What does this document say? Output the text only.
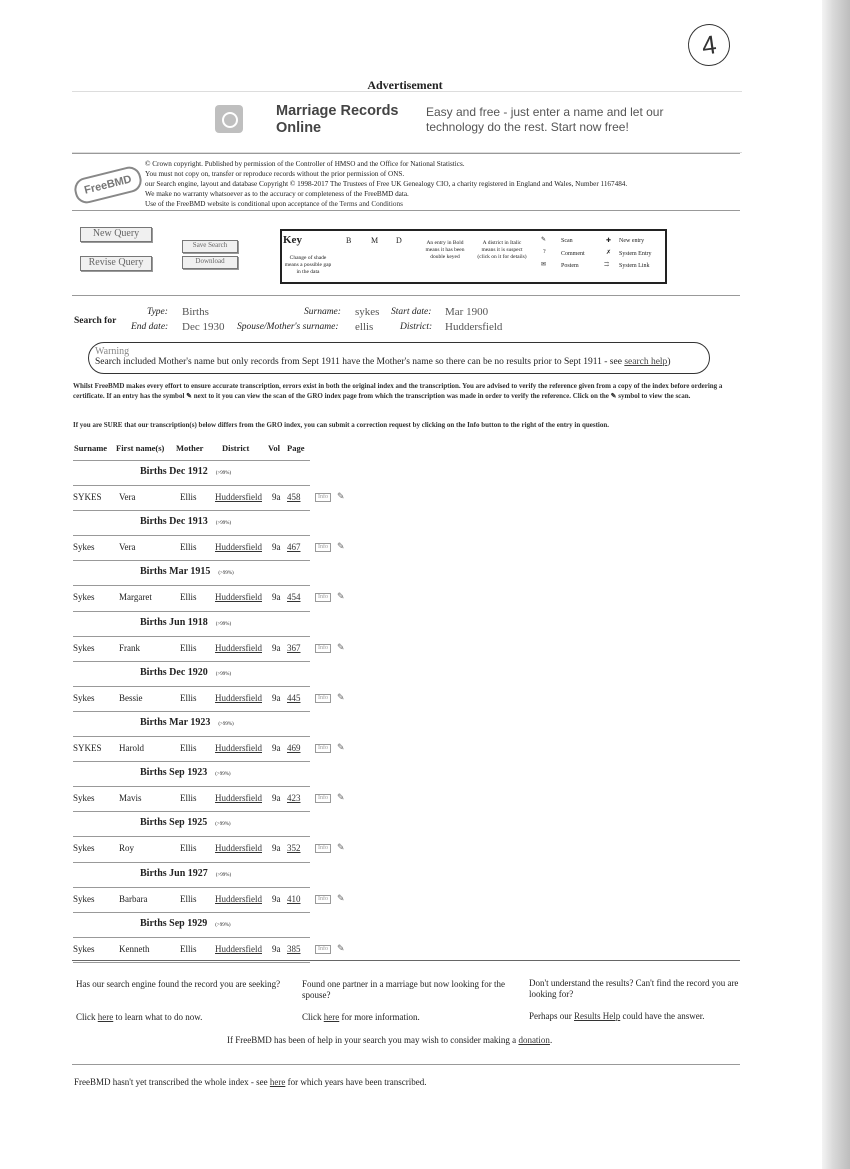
4
Advertisement
Marriage Records Online
Easy and free - just enter a name and let our technology do the rest. Start now free!
FreeBMD
© Crown copyright. Published by permission of the Controller of HMSO and the Office for National Statistics.
You must not copy on, transfer or reproduce records without the prior permission of ONS.
our Search engine, layout and database Copyright © 1998-2017 The Trustees of Free UK Genealogy CIO, a charity registered in England and Wales, Number 1167484.
We make no warranty whatsoever as to the accuracy or completeness of the FreeBMD data.
Use of the FreeBMD website is conditional upon acceptance of the Terms and Conditions
New Query
Revise Query
Save Search
Download
Key	B M D
Change of shade means a possible gap in the data
An entry in Bold means it has been double keyed
A district in Italic means it is suspect (click on it for details)
✎ Scan
?	Comment
✉ Postem
✚ New entry
✗ System Entry
⇉ System Link
Search for
Type: Births
End date: Dec 1930
Surname: sykes
Spouse/Mother's surname: ellis
Start date: Mar 1900
District: Huddersfield
Warning
Search included Mother's name but only records from Sept 1911 have the Mother's name so there can be no results prior to Sept 1911 - see search help)
Whilst FreeBMD makes every effort to ensure accurate transcription, errors exist in both the original index and the transcription. You are advised to verify the reference given from a copy of the index before ordering a certificate. If an entry has the symbol ✎ next to it you can view the scan of the GRO index page from which the transcription was made in order to verify the reference. Click on the ✎ symbol to view the scan.
If you are SURE that our transcription(s) below differs from the GRO index, you can submit a correction request by clicking on the Info button to the right of the entry in question.
Surname First name(s) Mother District Vol Page
Births Dec 1912 (>99%)
SYKES Vera	Ellis Huddersfield 9a 458	Info	✎
Births Dec 1913 (>99%)
Sykes	Vera	Ellis Huddersfield 9a 467	Info	✎
Births Mar 1915 (>99%)
Sykes	Margaret	Ellis Huddersfield 9a 454	Info	✎
Births Jun 1918 (>99%)
Sykes	Frank	Ellis Huddersfield 9a 367	Info	✎
Births Dec 1920 (>99%)
Sykes	Bessie	Ellis Huddersfield 9a 445	Info	✎
Births Mar 1923 (>99%)
SYKES Harold	Ellis Huddersfield 9a 469	Info	✎
Births Sep 1923 (>99%)
Sykes	Mavis	Ellis Huddersfield 9a 423	Info	✎
Births Sep 1925 (>99%)
Sykes	Roy	Ellis Huddersfield 9a 352	Info	✎
Births Jun 1927 (>99%)
Sykes	Barbara	Ellis Huddersfield 9a 410	Info	✎
Births Sep 1929 (>99%)
Sykes	Kenneth	Ellis Huddersfield 9a 385	Info	✎
Has our search engine found the record you are seeking?
Click here to learn what to do now.
Found one partner in a marriage but now looking for the spouse?
Click here for more information.
Don't understand the results? Can't find the record you are looking for?
Perhaps our Results Help could have the answer.
If FreeBMD has been of help in your search you may wish to consider making a donation.
FreeBMD hasn't yet transcribed the whole index - see here for which years have been transcribed.
